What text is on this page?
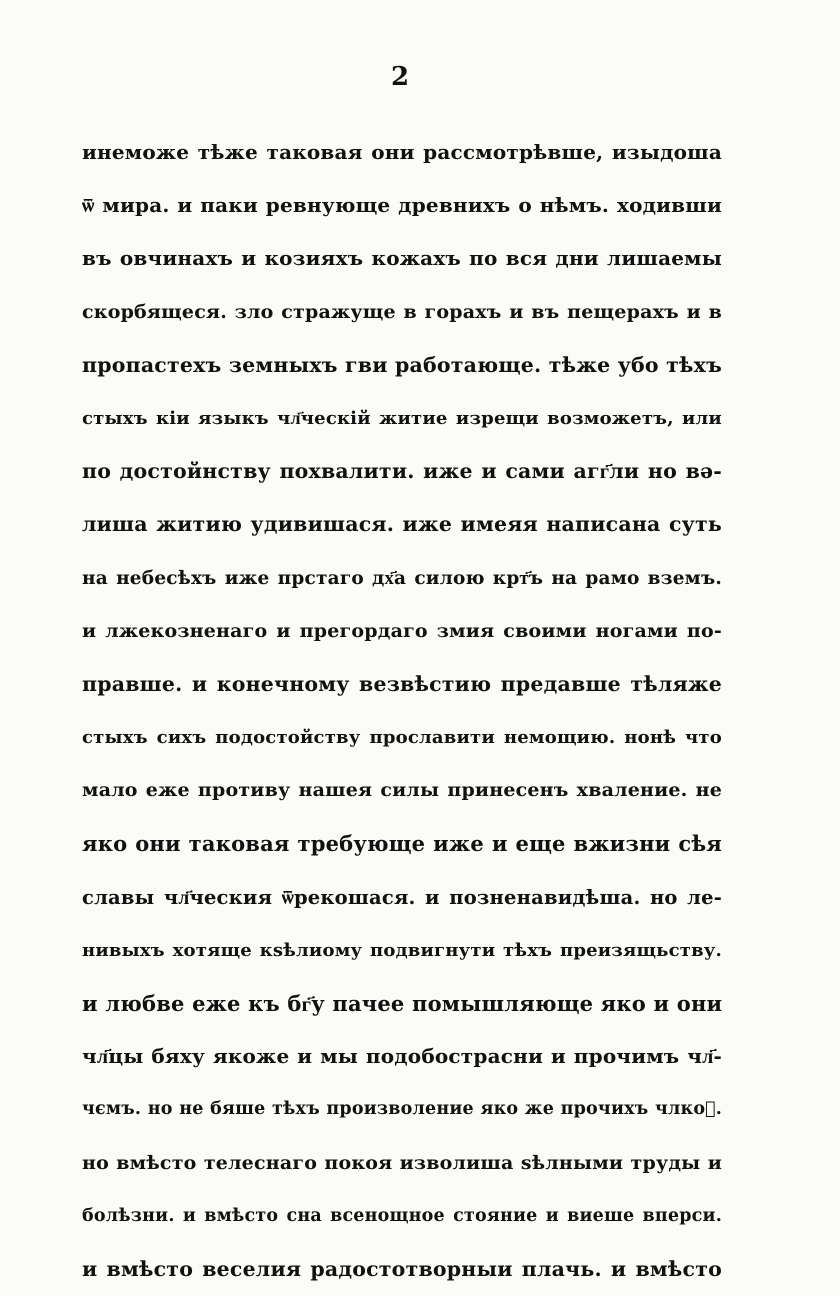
2
инеможе тѣже таковая они рассмотрѣвше, изыдоша
ѿ мира. и паки ревнующе древнихъ о нѣмъ. ходивши
въ овчинахъ и козияхъ кожахъ по вся дни лишаемы
скорбящеся. зло стражуще в горахъ и въ пещерахъ и в
пропастехъ земныхъ гви работающе. тѣже убо тѣхъ
стыхъ кіи языкъ чл҃ческій житие изрещи возможетъ, или
по достойнству похвалити. иже и сами агг҃ли но вә-
лиша житию удивишася. иже имеяя написана суть
на небесѣхъ иже прстаго дх҃а силою крт҃ъ на рамо вземъ.
и лжекозненаго и прегордаго змия своими ногами по-
правше. и конечному везвѣстию предавше тѣляже
стыхъ сихъ подостойству прославити немощию. нонѣ что
мало еже противу нашея силы принесенъ хваление. не
яко они таковая требующе иже и еще вжизни сѣя
славы чл҃ческия ѿрекошася. и позненавидѣша. но ле-
нивыхъ хотяще кsѣлиому подвигнути тѣхъ преизящьству.
и любве еже къ бг҃у пачее помышляюще яко и они
чл҃цы бяху якоже и мы подобострасни и прочимъ чл҃-
чємъ. но не бяше тѣхъ произволение яко же прочихъ члкоⷡ.
но вмѣсто телеснаго покоя изволиша sѣлными труды и
болѣзни. и вмѣсто сна всенощное стояние и виеше вперси.
и вмѣсто веселия радостотворныи плачь. и вмѣсто
